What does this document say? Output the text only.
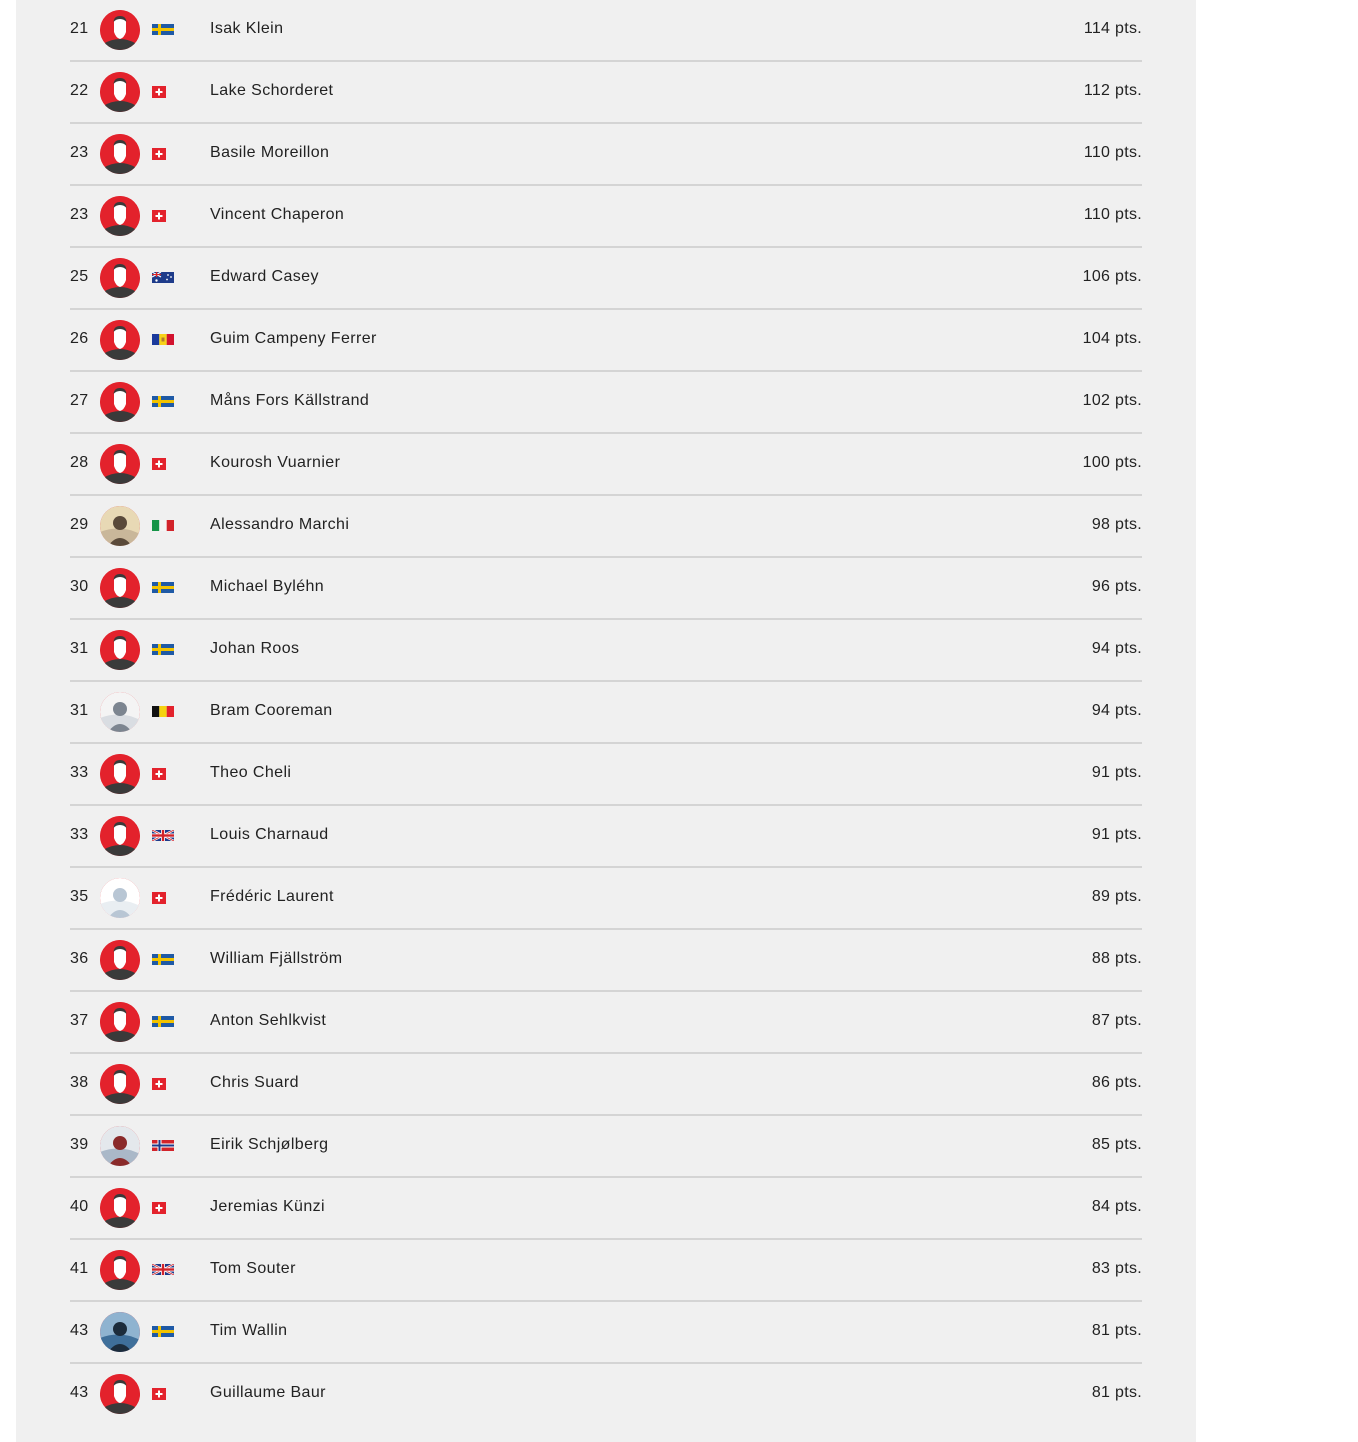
21	Isak Klein	114 pts.
22	Lake Schorderet	112 pts.
23	Basile Moreillon	110 pts.
23	Vincent Chaperon	110 pts.
25	Edward Casey	106 pts.
26	Guim Campeny Ferrer	104 pts.
27	Måns Fors Källstrand	102 pts.
28	Kourosh Vuarnier	100 pts.
29	Alessandro Marchi	98 pts.
30	Michael Byléhn	96 pts.
31	Johan Roos	94 pts.
31	Bram Cooreman	94 pts.
33	Theo Cheli	91 pts.
33	Louis Charnaud	91 pts.
35	Frédéric Laurent	89 pts.
36	William Fjällström	88 pts.
37	Anton Sehlkvist	87 pts.
38	Chris Suard	86 pts.
39	Eirik Schjølberg	85 pts.
40	Jeremias Künzi	84 pts.
41	Tom Souter	83 pts.
43	Tim Wallin	81 pts.
43	Guillaume Baur	81 pts.
